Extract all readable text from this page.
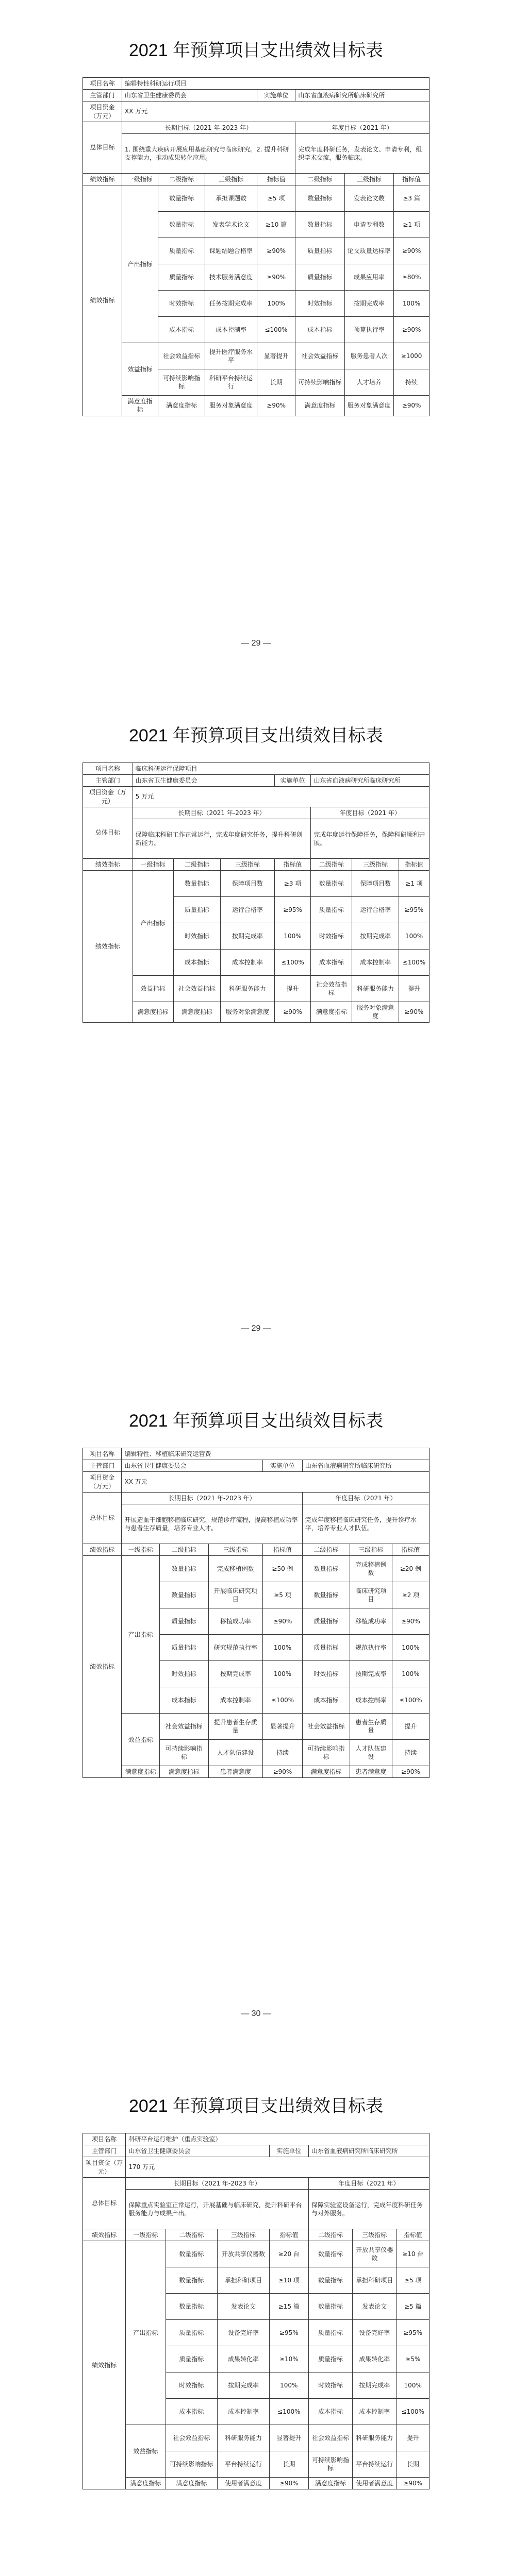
2021 年预算项目支出绩效目标表
项目名称	编辑特性科研运行项目						
主管部门	山东省卫生健康委员会			实施单位	山东省血液病研究所临床研究所		
项目资金（万元）	XX 万元						
总体目标	长期目标（2021 年-2023 年）				年度目标（2021 年）		
	1. 围绕重大疾病开展应用基础研究与临床研究。2. 提升科研支撑能力，推动成果转化应用。				完成年度科研任务，发表论文、申请专利，组织学术交流，服务临床。		
绩效指标	一级指标	二级指标	三级指标	指标值	二级指标	三级指标	指标值
绩效指标	产出指标	数量指标	承担课题数	≥5 项	数量指标	发表论文数	≥3 篇
		数量指标	发表学术论文	≥10 篇	数量指标	申请专利数	≥1 项
		质量指标	课题结题合格率	≥90%	质量指标	论文质量达标率	≥90%
		质量指标	技术服务满意度	≥90%	质量指标	成果应用率	≥80%
		时效指标	任务按期完成率	100%	时效指标	按期完成率	100%
		成本指标	成本控制率	≤100%	成本指标	预算执行率	≥90%
	效益指标	社会效益指标	提升医疗服务水平	显著提升	社会效益指标	服务患者人次	≥1000
		可持续影响指标	科研平台持续运行	长期	可持续影响指标	人才培养	持续
	满意度指标	满意度指标	服务对象满意度	≥90%	满意度指标	服务对象满意度	≥90%
— 29 —
2021 年预算项目支出绩效目标表
项目名称	临床科研运行保障项目						
主管部门	山东省卫生健康委员会			实施单位	山东省血液病研究所临床研究所		
项目资金（万元）	5 万元						
总体目标	长期目标（2021 年-2023 年）				年度目标（2021 年）		
	保障临床科研工作正常运行，完成年度研究任务，提升科研创新能力。				完成年度运行保障任务，保障科研顺利开展。		
绩效指标	一级指标	二级指标	三级指标	指标值	二级指标	三级指标	指标值
绩效指标	产出指标	数量指标	保障项目数	≥3 项	数量指标	保障项目数	≥1 项
		质量指标	运行合格率	≥95%	质量指标	运行合格率	≥95%
		时效指标	按期完成率	100%	时效指标	按期完成率	100%
		成本指标	成本控制率	≤100%	成本指标	成本控制率	≤100%
	效益指标	社会效益指标	科研服务能力	提升	社会效益指标	科研服务能力	提升
	满意度指标	满意度指标	服务对象满意度	≥90%	满意度指标	服务对象满意度	≥90%
— 29 —
2021 年预算项目支出绩效目标表
项目名称	编辑特性、移植临床研究运营费						
主管部门	山东省卫生健康委员会			实施单位	山东省血液病研究所临床研究所		
项目资金（万元）	XX 万元						
总体目标	长期目标（2021 年-2023 年）				年度目标（2021 年）		
	开展造血干细胞移植临床研究，规范诊疗流程，提高移植成功率与患者生存质量，培养专业人才。				完成年度移植临床研究任务，提升诊疗水平，培养专业人才队伍。		
绩效指标	一级指标	二级指标	三级指标	指标值	二级指标	三级指标	指标值
绩效指标	产出指标	数量指标	完成移植例数	≥50 例	数量指标	完成移植例数	≥20 例
		数量指标	开展临床研究项目	≥5 项	数量指标	临床研究项目	≥2 项
		质量指标	移植成功率	≥90%	质量指标	移植成功率	≥90%
		质量指标	研究规范执行率	100%	质量指标	规范执行率	100%
		时效指标	按期完成率	100%	时效指标	按期完成率	100%
		成本指标	成本控制率	≤100%	成本指标	成本控制率	≤100%
	效益指标	社会效益指标	提升患者生存质量	显著提升	社会效益指标	患者生存质量	提升
		可持续影响指标	人才队伍建设	持续	可持续影响指标	人才队伍建设	持续
	满意度指标	满意度指标	患者满意度	≥90%	满意度指标	患者满意度	≥90%
— 30 —
2021 年预算项目支出绩效目标表
项目名称	科研平台运行维护（重点实验室）						
主管部门	山东省卫生健康委员会			实施单位	山东省血液病研究所临床研究所		
项目资金（万元）	170 万元						
总体目标	长期目标（2021 年-2023 年）				年度目标（2021 年）		
	保障重点实验室正常运行，开展基础与临床研究，提升科研平台服务能力与成果产出。				保障实验室设备运行，完成年度科研任务与对外服务。		
绩效指标	一级指标	二级指标	三级指标	指标值	二级指标	三级指标	指标值
绩效指标	产出指标	数量指标	开放共享仪器数	≥20 台	数量指标	开放共享仪器数	≥10 台
		数量指标	承担科研项目	≥10 项	数量指标	承担科研项目	≥5 项
		数量指标	发表论文	≥15 篇	数量指标	发表论文	≥5 篇
		质量指标	设备完好率	≥95%	质量指标	设备完好率	≥95%
		质量指标	成果转化率	≥10%	质量指标	成果转化率	≥5%
		时效指标	按期完成率	100%	时效指标	按期完成率	100%
		成本指标	成本控制率	≤100%	成本指标	成本控制率	≤100%
	效益指标	社会效益指标	科研服务能力	显著提升	社会效益指标	科研服务能力	提升
		可持续影响指标	平台持续运行	长期	可持续影响指标	平台持续运行	长期
	满意度指标	满意度指标	使用者满意度	≥90%	满意度指标	使用者满意度	≥90%
